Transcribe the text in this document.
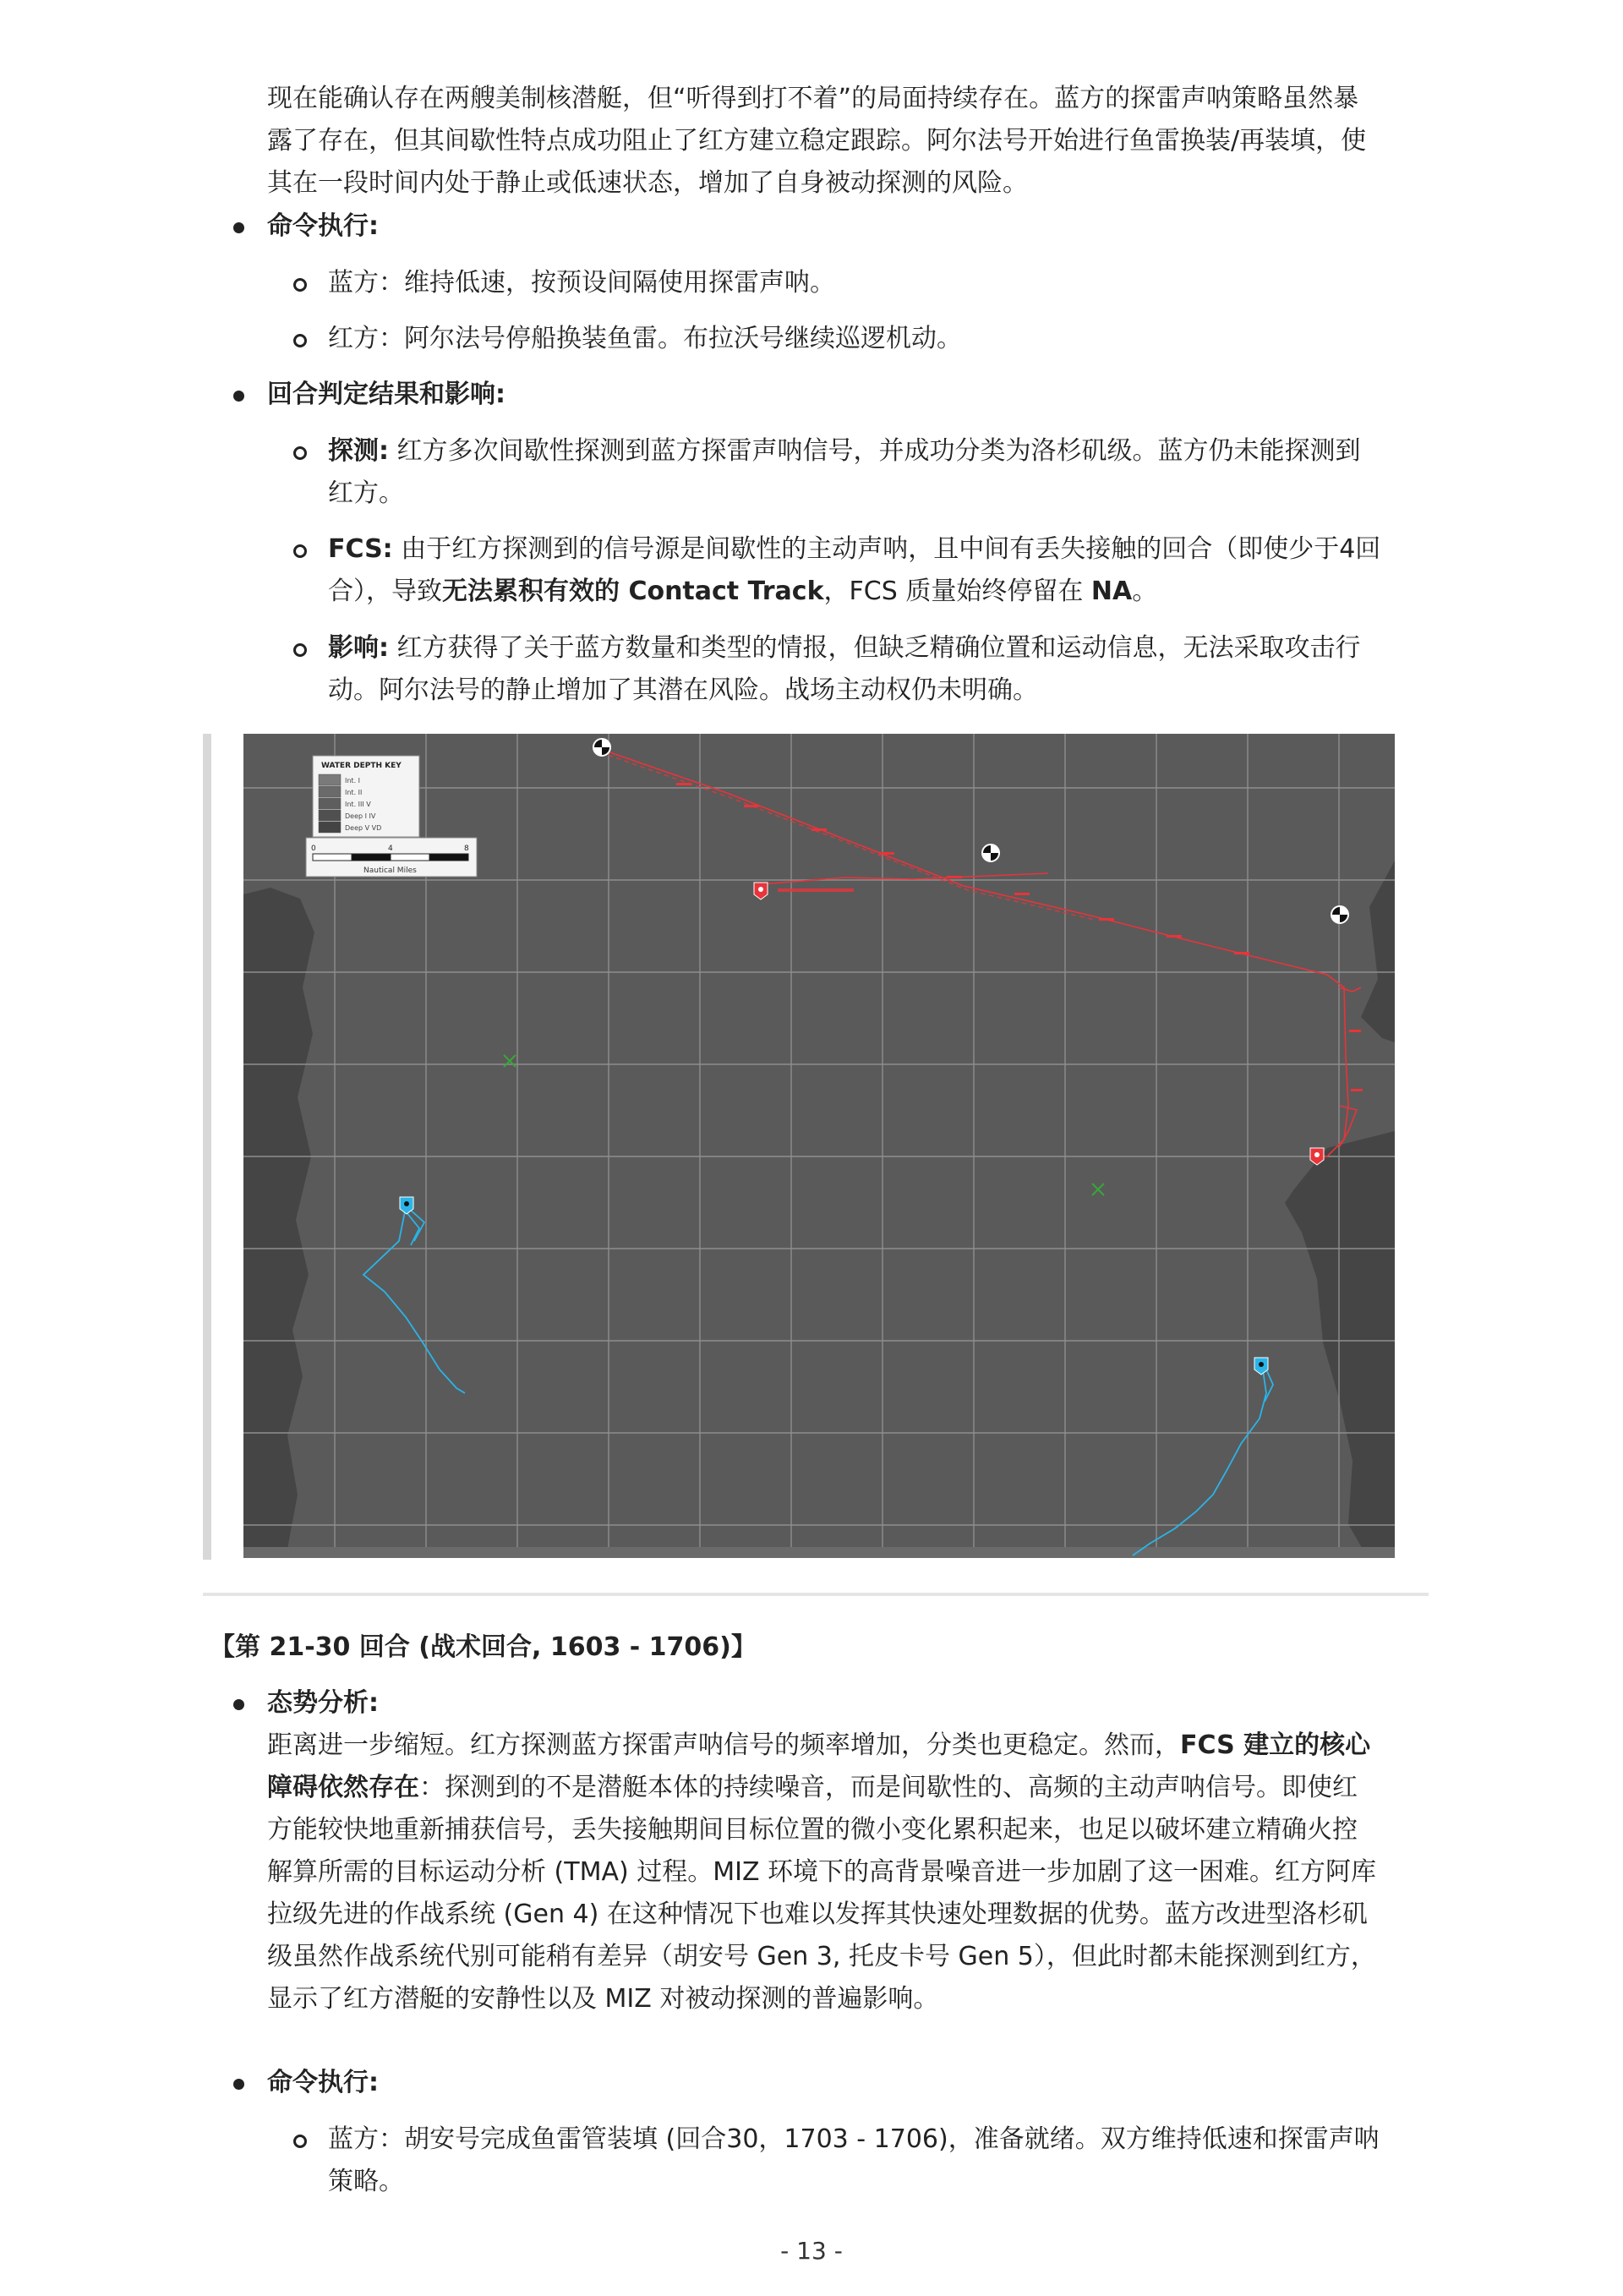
现在能确认存在两艘美制核潜艇，但“听得到打不着”的局面持续存在。蓝方的探雷声呐策略虽然暴
露了存在，但其间歇性特点成功阻止了红方建立稳定跟踪。阿尔法号开始进行鱼雷换装/再装填，使
其在一段时间内处于静止或低速状态，增加了自身被动探测的风险。
命令执行:
蓝方：维持低速，按预设间隔使用探雷声呐。
红方：阿尔法号停船换装鱼雷。布拉沃号继续巡逻机动。
回合判定结果和影响:
探测: 红方多次间歇性探测到蓝方探雷声呐信号，并成功分类为洛杉矶级。蓝方仍未能探测到
红方。
FCS: 由于红方探测到的信号源是间歇性的主动声呐，且中间有丢失接触的回合（即使少于4回
合），导致无法累积有效的 Contact Track，FCS 质量始终停留在 NA。
影响: 红方获得了关于蓝方数量和类型的情报，但缺乏精确位置和运动信息，无法采取攻击行
动。阿尔法号的静止增加了其潜在风险。战场主动权仍未明确。
WATER DEPTH KEY
Int. I
Int. II
Int. III V
Deep I IV
Deep V VD
0	4	8
Nautical Miles
【第 21-30 回合 (战术回合, 1603 - 1706)】
态势分析:
距离进一步缩短。红方探测蓝方探雷声呐信号的频率增加，分类也更稳定。然而，FCS 建立的核心
障碍依然存在：探测到的不是潜艇本体的持续噪音，而是间歇性的、高频的主动声呐信号。即使红
方能较快地重新捕获信号，丢失接触期间目标位置的微小变化累积起来，也足以破坏建立精确火控
解算所需的目标运动分析 (TMA) 过程。MIZ 环境下的高背景噪音进一步加剧了这一困难。红方阿库
拉级先进的作战系统 (Gen 4) 在这种情况下也难以发挥其快速处理数据的优势。蓝方改进型洛杉矶
级虽然作战系统代别可能稍有差异（胡安号 Gen 3, 托皮卡号 Gen 5），但此时都未能探测到红方，
显示了红方潜艇的安静性以及 MIZ 对被动探测的普遍影响。
命令执行:
蓝方：胡安号完成鱼雷管装填 (回合30，1703 - 1706)，准备就绪。双方维持低速和探雷声呐
策略。
- 13 -
